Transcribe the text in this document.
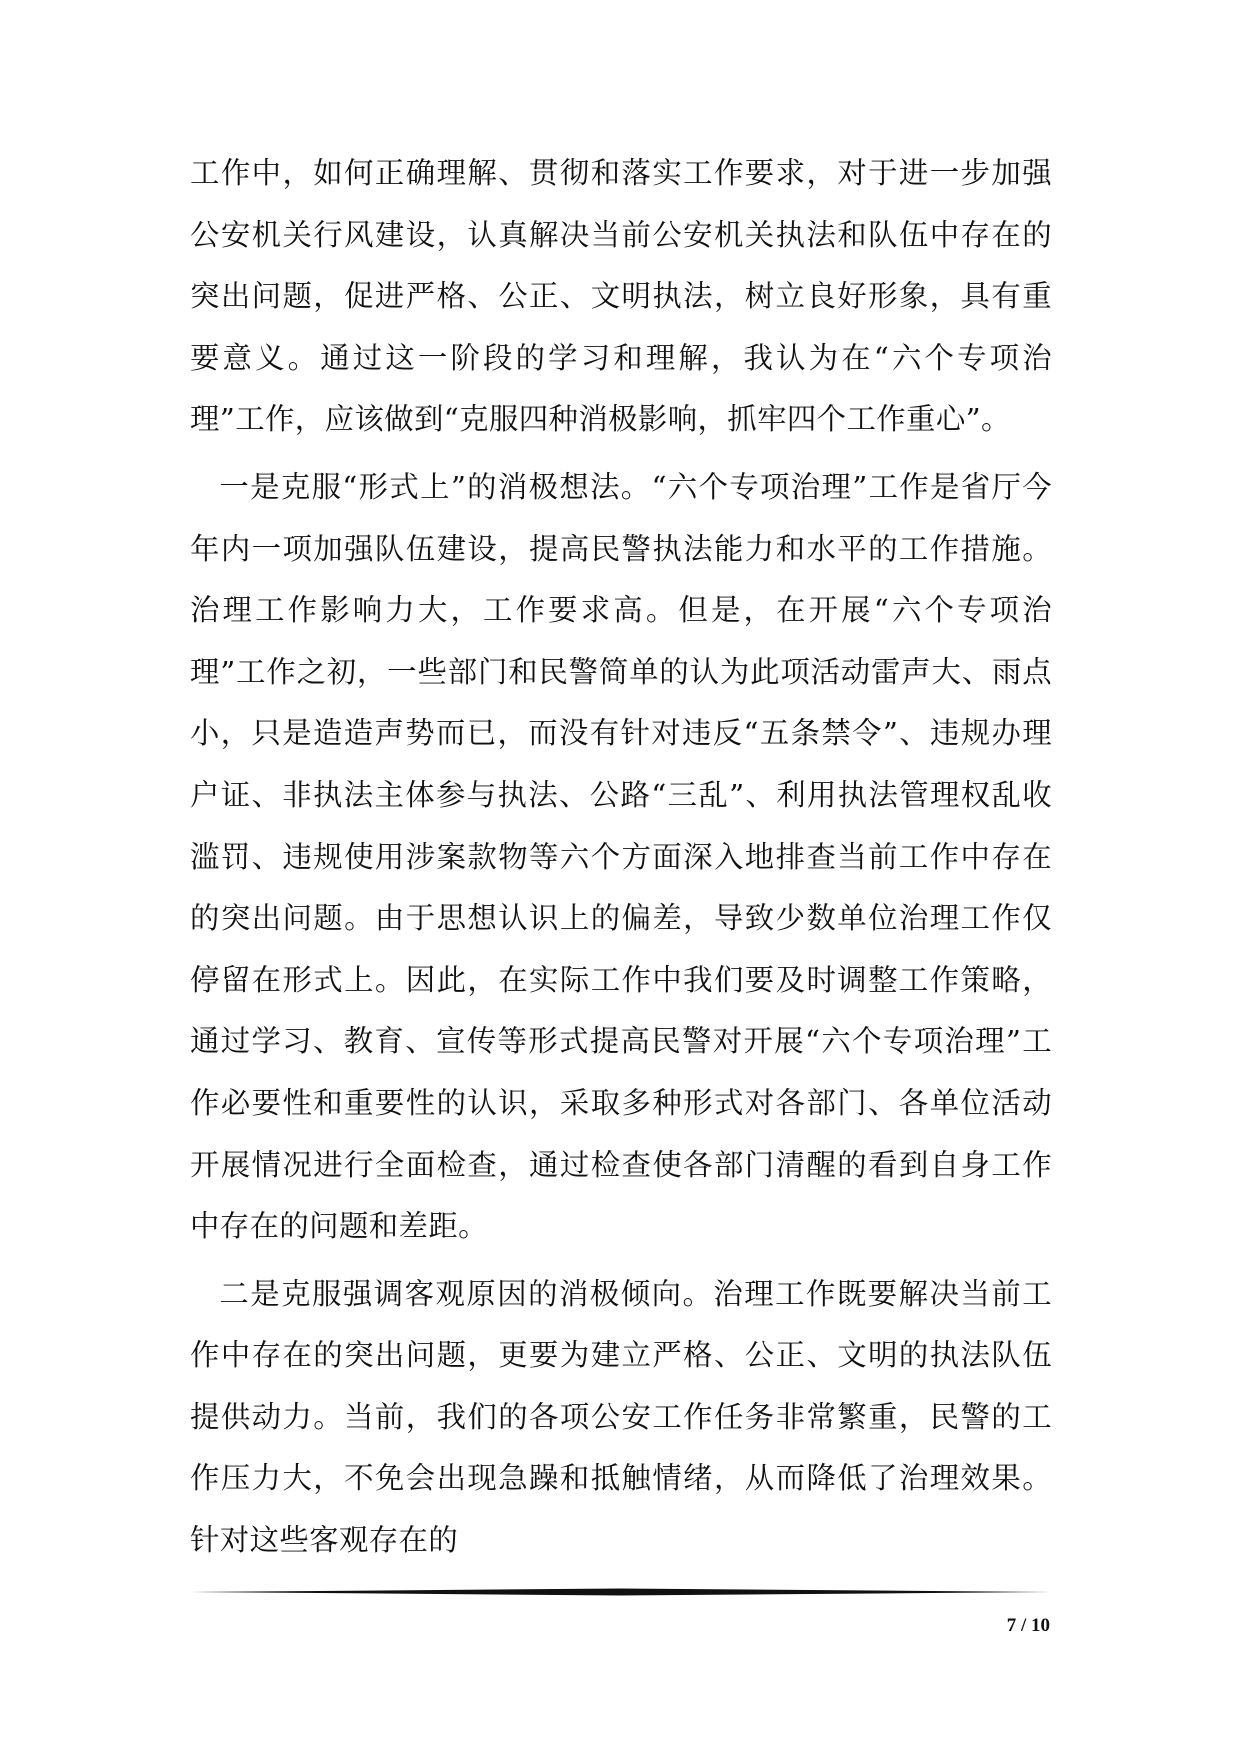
工作中，如何正确理解、贯彻和落实工作要求，对于进一步加强公安机关行风建设，认真解决当前公安机关执法和队伍中存在的突出问题，促进严格、公正、文明执法，树立良好形象，具有重要意义。通过这一阶段的学习和理解，我认为在“六个专项治理”工作，应该做到“克服四种消极影响，抓牢四个工作重心”。

一是克服“形式上”的消极想法。“六个专项治理”工作是省厅今年内一项加强队伍建设，提高民警执法能力和水平的工作措施。治理工作影响力大，工作要求高。但是，在开展“六个专项治理”工作之初，一些部门和民警简单的认为此项活动雷声大、雨点小，只是造造声势而已，而没有针对违反“五条禁令”、违规办理户证、非执法主体参与执法、公路“三乱”、利用执法管理权乱收滥罚、违规使用涉案款物等六个方面深入地排查当前工作中存在的突出问题。由于思想认识上的偏差，导致少数单位治理工作仅停留在形式上。因此，在实际工作中我们要及时调整工作策略，通过学习、教育、宣传等形式提高民警对开展“六个专项治理”工作必要性和重要性的认识，采取多种形式对各部门、各单位活动开展情况进行全面检查，通过检查使各部门清醒的看到自身工作中存在的问题和差距。

二是克服强调客观原因的消极倾向。治理工作既要解决当前工作中存在的突出问题，更要为建立严格、公正、文明的执法队伍提供动力。当前，我们的各项公安工作任务非常繁重，民警的工作压力大，不免会出现急躁和抵触情绪，从而降低了治理效果。针对这些客观存在的

7 / 10
